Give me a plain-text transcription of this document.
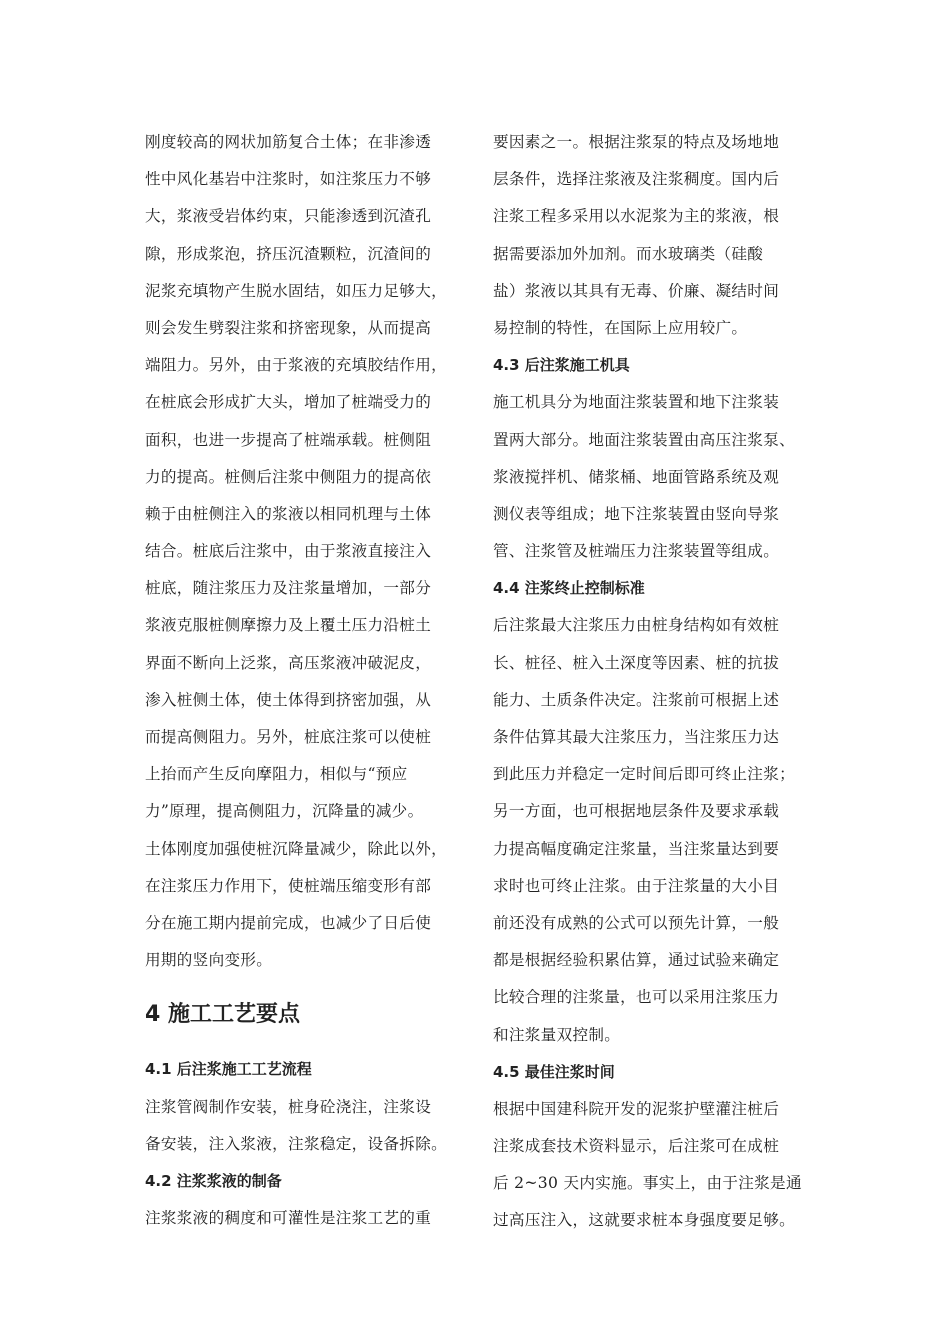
刚度较高的网状加筋复合土体；在非渗透
性中风化基岩中注浆时，如注浆压力不够
大，浆液受岩体约束，只能渗透到沉渣孔
隙，形成浆泡，挤压沉渣颗粒，沉渣间的
泥浆充填物产生脱水固结，如压力足够大，
则会发生劈裂注浆和挤密现象，从而提高
端阻力。另外，由于浆液的充填胶结作用，
在桩底会形成扩大头，增加了桩端受力的
面积，也进一步提高了桩端承载。桩侧阻
力的提高。桩侧后注浆中侧阻力的提高依
赖于由桩侧注入的浆液以相同机理与土体
结合。桩底后注浆中，由于浆液直接注入
桩底，随注浆压力及注浆量增加，一部分
浆液克服桩侧摩擦力及上覆土压力沿桩土
界面不断向上泛浆，高压浆液冲破泥皮，
渗入桩侧土体，使土体得到挤密加强，从
而提高侧阻力。另外，桩底注浆可以使桩
上抬而产生反向摩阻力，相似与“预应
力”原理，提高侧阻力，沉降量的减少。
土体刚度加强使桩沉降量减少，除此以外，
在注浆压力作用下，使桩端压缩变形有部
分在施工期内提前完成，也减少了日后使
用期的竖向变形。
4 施工工艺要点
4.1 后注浆施工工艺流程
注浆管阀制作安装，桩身砼浇注，注浆设
备安装，注入浆液，注浆稳定，设备拆除。
4.2 注浆浆液的制备
注浆浆液的稠度和可灌性是注浆工艺的重
要因素之一。根据注浆泵的特点及场地地
层条件，选择注浆液及注浆稠度。国内后
注浆工程多采用以水泥浆为主的浆液，根
据需要添加外加剂。而水玻璃类（硅酸
盐）浆液以其具有无毒、价廉、凝结时间
易控制的特性，在国际上应用较广。
4.3 后注浆施工机具
施工机具分为地面注浆装置和地下注浆装
置两大部分。地面注浆装置由高压注浆泵、
浆液搅拌机、储浆桶、地面管路系统及观
测仪表等组成；地下注浆装置由竖向导浆
管、注浆管及桩端压力注浆装置等组成。
4.4 注浆终止控制标准
后注浆最大注浆压力由桩身结构如有效桩
长、桩径、桩入土深度等因素、桩的抗拔
能力、土质条件决定。注浆前可根据上述
条件估算其最大注浆压力，当注浆压力达
到此压力并稳定一定时间后即可终止注浆；
另一方面，也可根据地层条件及要求承载
力提高幅度确定注浆量，当注浆量达到要
求时也可终止注浆。由于注浆量的大小目
前还没有成熟的公式可以预先计算，一般
都是根据经验积累估算，通过试验来确定
比较合理的注浆量，也可以采用注浆压力
和注浆量双控制。
4.5 最佳注浆时间
根据中国建科院开发的泥浆护壁灌注桩后
注浆成套技术资料显示，后注浆可在成桩
后 2~30 天内实施。事实上，由于注浆是通
过高压注入，这就要求桩本身强度要足够。
